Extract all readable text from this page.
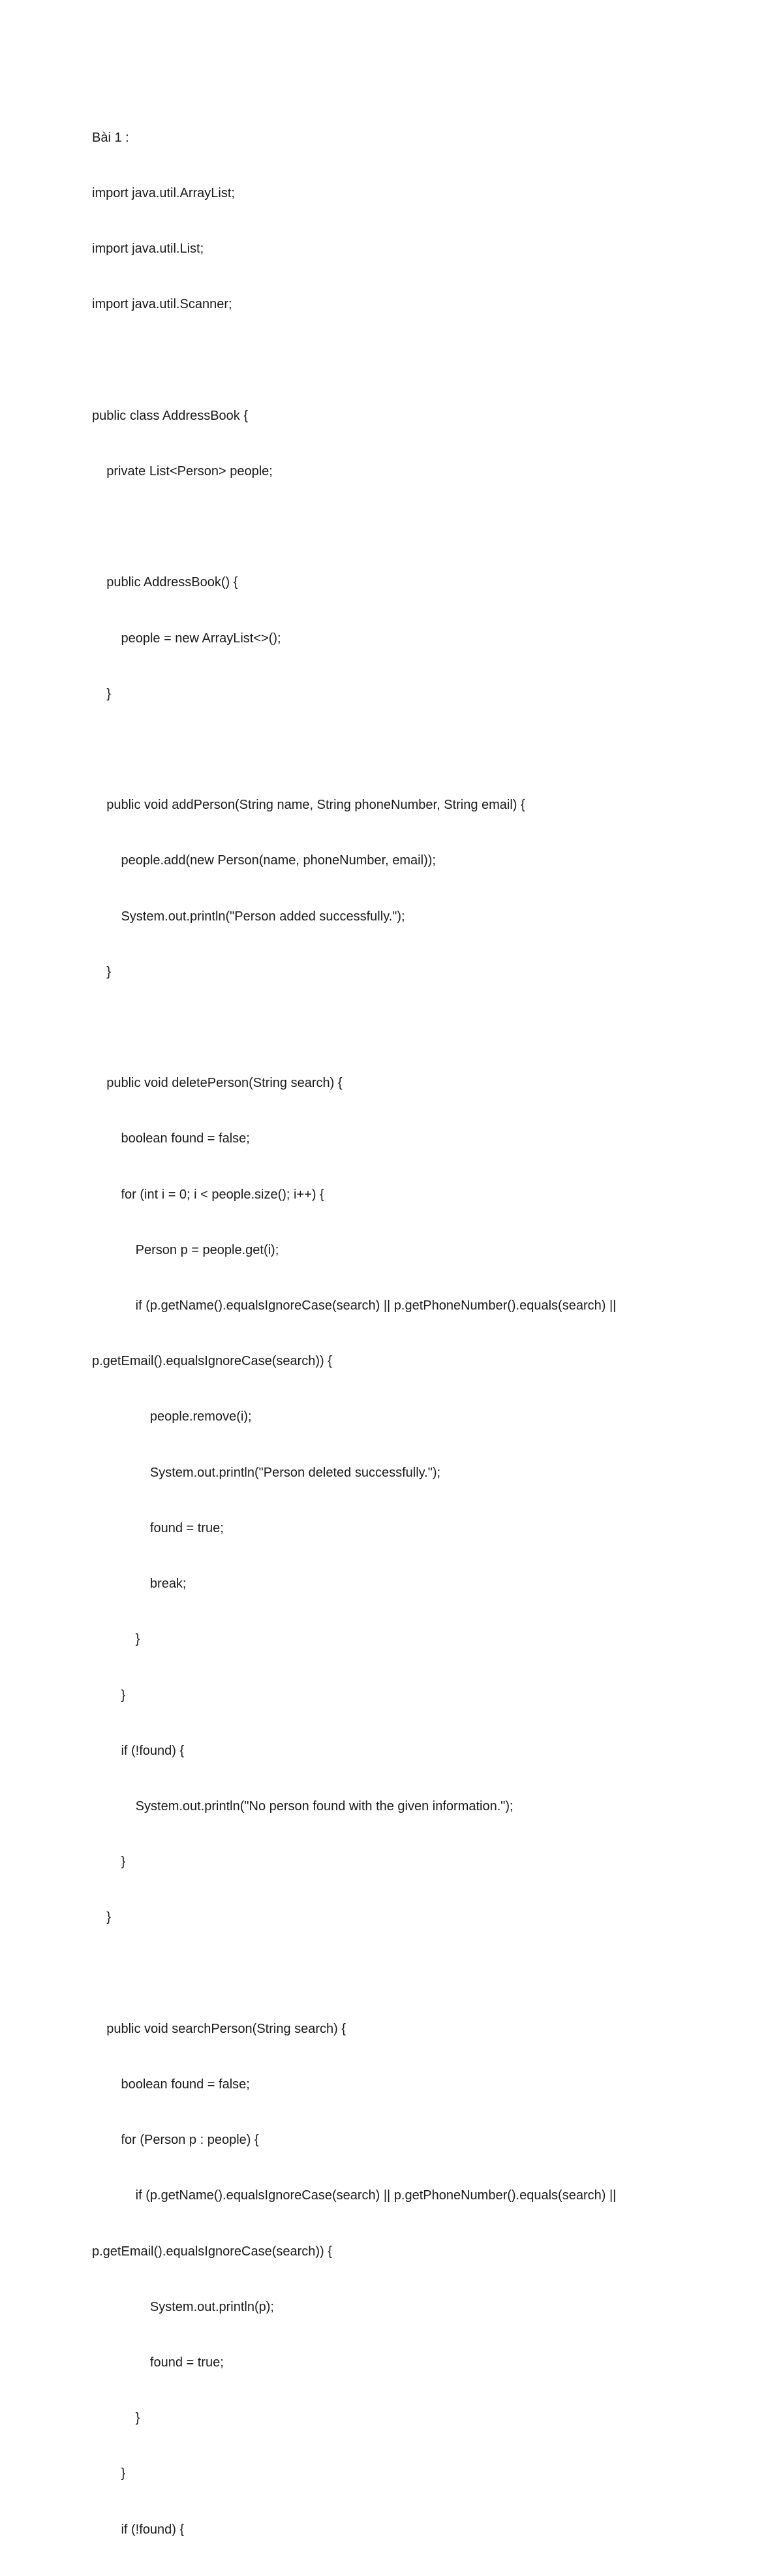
Bài 1 :

import java.util.ArrayList;

import java.util.List;

import java.util.Scanner;

public class AddressBook {

private List<Person> people;

public AddressBook() {

people = new ArrayList<>();

}

public void addPerson(String name, String phoneNumber, String email) {

people.add(new Person(name, phoneNumber, email));

System.out.println("Person added successfully.");

}

public void deletePerson(String search) {

boolean found = false;

for (int i = 0; i < people.size(); i++) {

Person p = people.get(i);

if (p.getName().equalsIgnoreCase(search) || p.getPhoneNumber().equals(search) ||

p.getEmail().equalsIgnoreCase(search)) {

people.remove(i);

System.out.println("Person deleted successfully.");

found = true;

break;

}

}

if (!found) {

System.out.println("No person found with the given information.");

}

}

public void searchPerson(String search) {

boolean found = false;

for (Person p : people) {

if (p.getName().equalsIgnoreCase(search) || p.getPhoneNumber().equals(search) ||

p.getEmail().equalsIgnoreCase(search)) {

System.out.println(p);

found = true;

}

}

if (!found) {
